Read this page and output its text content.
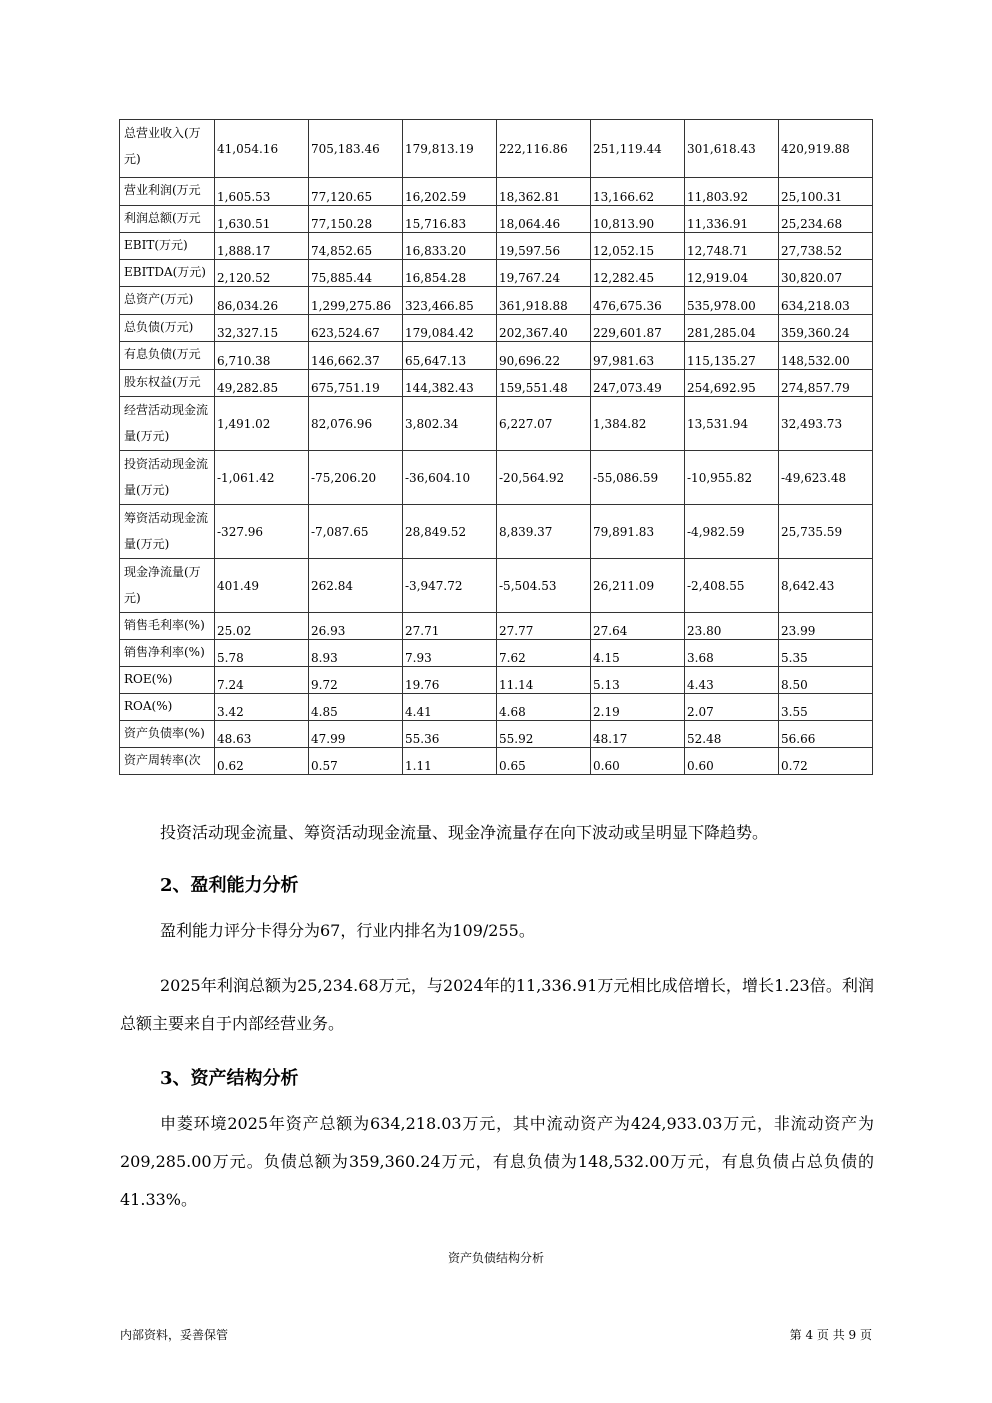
总营业收入(万元)	41,054.16	705,183.46	179,813.19	222,116.86	251,119.44	301,618.43	420,919.88
营业利润(万元	1,605.53	77,120.65	16,202.59	18,362.81	13,166.62	11,803.92	25,100.31
利润总额(万元	1,630.51	77,150.28	15,716.83	18,064.46	10,813.90	11,336.91	25,234.68
EBIT(万元)	1,888.17	74,852.65	16,833.20	19,597.56	12,052.15	12,748.71	27,738.52
EBITDA(万元)	2,120.52	75,885.44	16,854.28	19,767.24	12,282.45	12,919.04	30,820.07
总资产(万元)	86,034.26	1,299,275.86	323,466.85	361,918.88	476,675.36	535,978.00	634,218.03
总负债(万元)	32,327.15	623,524.67	179,084.42	202,367.40	229,601.87	281,285.04	359,360.24
有息负债(万元	6,710.38	146,662.37	65,647.13	90,696.22	97,981.63	115,135.27	148,532.00
股东权益(万元	49,282.85	675,751.19	144,382.43	159,551.48	247,073.49	254,692.95	274,857.79
经营活动现金流量(万元)	1,491.02	82,076.96	3,802.34	6,227.07	1,384.82	13,531.94	32,493.73
投资活动现金流量(万元)	-1,061.42	-75,206.20	-36,604.10	-20,564.92	-55,086.59	-10,955.82	-49,623.48
筹资活动现金流量(万元)	-327.96	-7,087.65	28,849.52	8,839.37	79,891.83	-4,982.59	25,735.59
现金净流量(万元)	401.49	262.84	-3,947.72	-5,504.53	26,211.09	-2,408.55	8,642.43
销售毛利率(%)	25.02	26.93	27.71	27.77	27.64	23.80	23.99
销售净利率(%)	5.78	8.93	7.93	7.62	4.15	3.68	5.35
ROE(%)	7.24	9.72	19.76	11.14	5.13	4.43	8.50
ROA(%)	3.42	4.85	4.41	4.68	2.19	2.07	3.55
资产负债率(%)	48.63	47.99	55.36	55.92	48.17	52.48	56.66
资产周转率(次	0.62	0.57	1.11	0.65	0.60	0.60	0.72
投资活动现金流量、筹资活动现金流量、现金净流量存在向下波动或呈明显下降趋势。
2、盈利能力分析
盈利能力评分卡得分为67，行业内排名为109/255。
2025年利润总额为25,234.68万元，与2024年的11,336.91万元相比成倍增长，增长1.23倍。利润总额主要来自于内部经营业务。
3、资产结构分析
申菱环境2025年资产总额为634,218.03万元，其中流动资产为424,933.03万元，非流动资产为209,285.00万元。负债总额为359,360.24万元，有息负债为148,532.00万元，有息负债占总负债的41.33%。
资产负债结构分析
内部资料，妥善保管	第 4 页 共 9 页
